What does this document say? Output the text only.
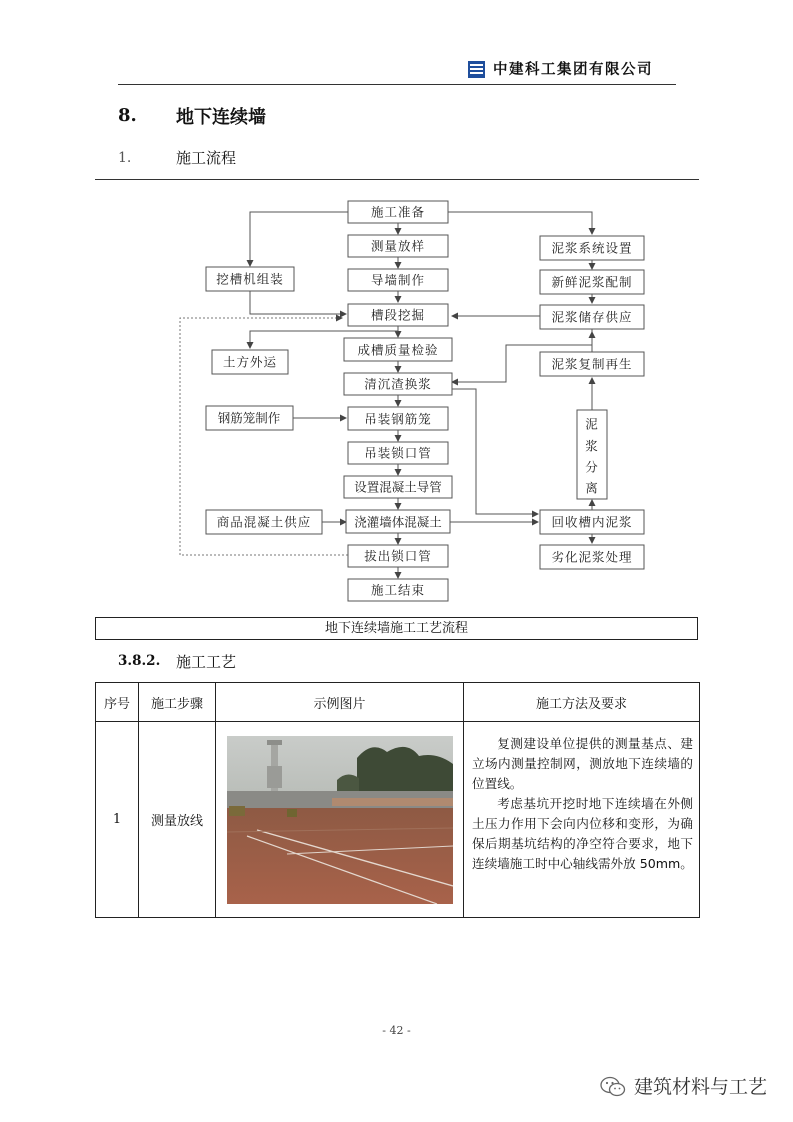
中建科工集团有限公司
8. 地下连续墙
1.	施工流程
施工准备
测量放样
导墙制作
槽段挖掘
成槽质量检验
清沉渣换浆
吊装钢筋笼
吊装锁口管
设置混凝土导管
浇灌墙体混凝土
拔出锁口管
施工结束
挖槽机组装
土方外运
钢筋笼制作
商品混凝土供应
泥浆系统设置
新鲜泥浆配制
泥浆储存供应
泥浆复制再生
泥
浆
分
离
回收槽内泥浆
劣化泥浆处理
地下连续墙施工工艺流程
3.8.2. 施工工艺
序号	施工步骤	示例图片	施工方法及要求
1	测量放线		复测建设单位提供的测量基点、建立场内测量控制网，测放地下连续墙的位置线。

考虑基坑开挖时地下连续墙在外侧土压力作用下会向内位移和变形，为确保后期基坑结构的净空符合要求，地下连续墙施工时中心轴线需外放 50mm。

- 42 -
建筑材料与工艺
